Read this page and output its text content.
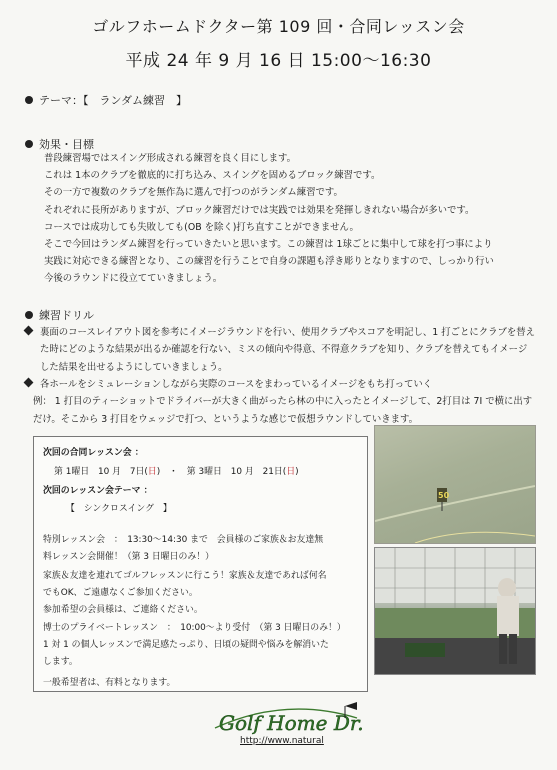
ゴルフホームドクター第 109 回・合同レッスン会
平成 24 年 9 月 16 日 15:00〜16:30
テーマ：【　ランダム練習　】
効果・目標
普段練習場ではスイング形成される練習を良く目にします。
これは 1本のクラブを徹底的に打ち込み、スイングを固めるブロック練習です。
その一方で複数のクラブを無作為に選んで打つのがランダム練習です。
それぞれに長所がありますが、ブロック練習だけでは実践では効果を発揮しきれない場合が多いです。
コースでは成功しても失敗しても(OB を除く)打ち直すことができません。
そこで今回はランダム練習を行っていきたいと思います。この練習は 1球ごとに集中して球を打つ事により
実践に対応できる練習となり、この練習を行うことで自身の課題も浮き彫りとなりますので、しっかり行い
今後のラウンドに役立てていきましょう。
練習ドリル
裏面のコースレイアウト図を参考にイメージラウンドを行い、使用クラブやスコアを明記し、1 打ごとにクラブを替え
た時にどのような結果が出るか確認を行ない、ミスの傾向や得意、不得意クラブを知り、クラブを替えてもイメージ
した結果を出せるようにしていきましょう。
各ホールをシミュレーションしながら実際のコースをまわっているイメージをもち打っていく
例： 1 打目のティーショットでドライバーが大きく曲がったら林の中に入ったとイメージして、2打目は 7I で横に出す
だけ。そこから 3 打目をウェッジで打つ、というような感じで仮想ラウンドしていきます。
次回の合同レッスン会 ：
第 1曜日　10 月　7日(日)　・　第 3曜日　10 月　21日(日)
次回のレッスン会テーマ ：
【　シンクロスイング　】
特別レッスン会　：　13:30〜14:30 まで　会員様のご家族＆お友達無
料レッスン会開催！（第 3 日曜日のみ！）
家族＆友達を連れてゴルフレッスンに行こう！家族＆友達であれば何名
でもOK、ご遠慮なくご参加ください。
参加希望の会員様は、ご連絡ください。
博士のプライベートレッスン　：　10:00〜より受付　（第 3 日曜日のみ！）
1 対 1 の個人レッスンで満足感たっぷり、日頃の疑問や悩みを解消いた
します。
一般希望者は、有料となります。
50
Golf Home Dr.
http://www.natural
